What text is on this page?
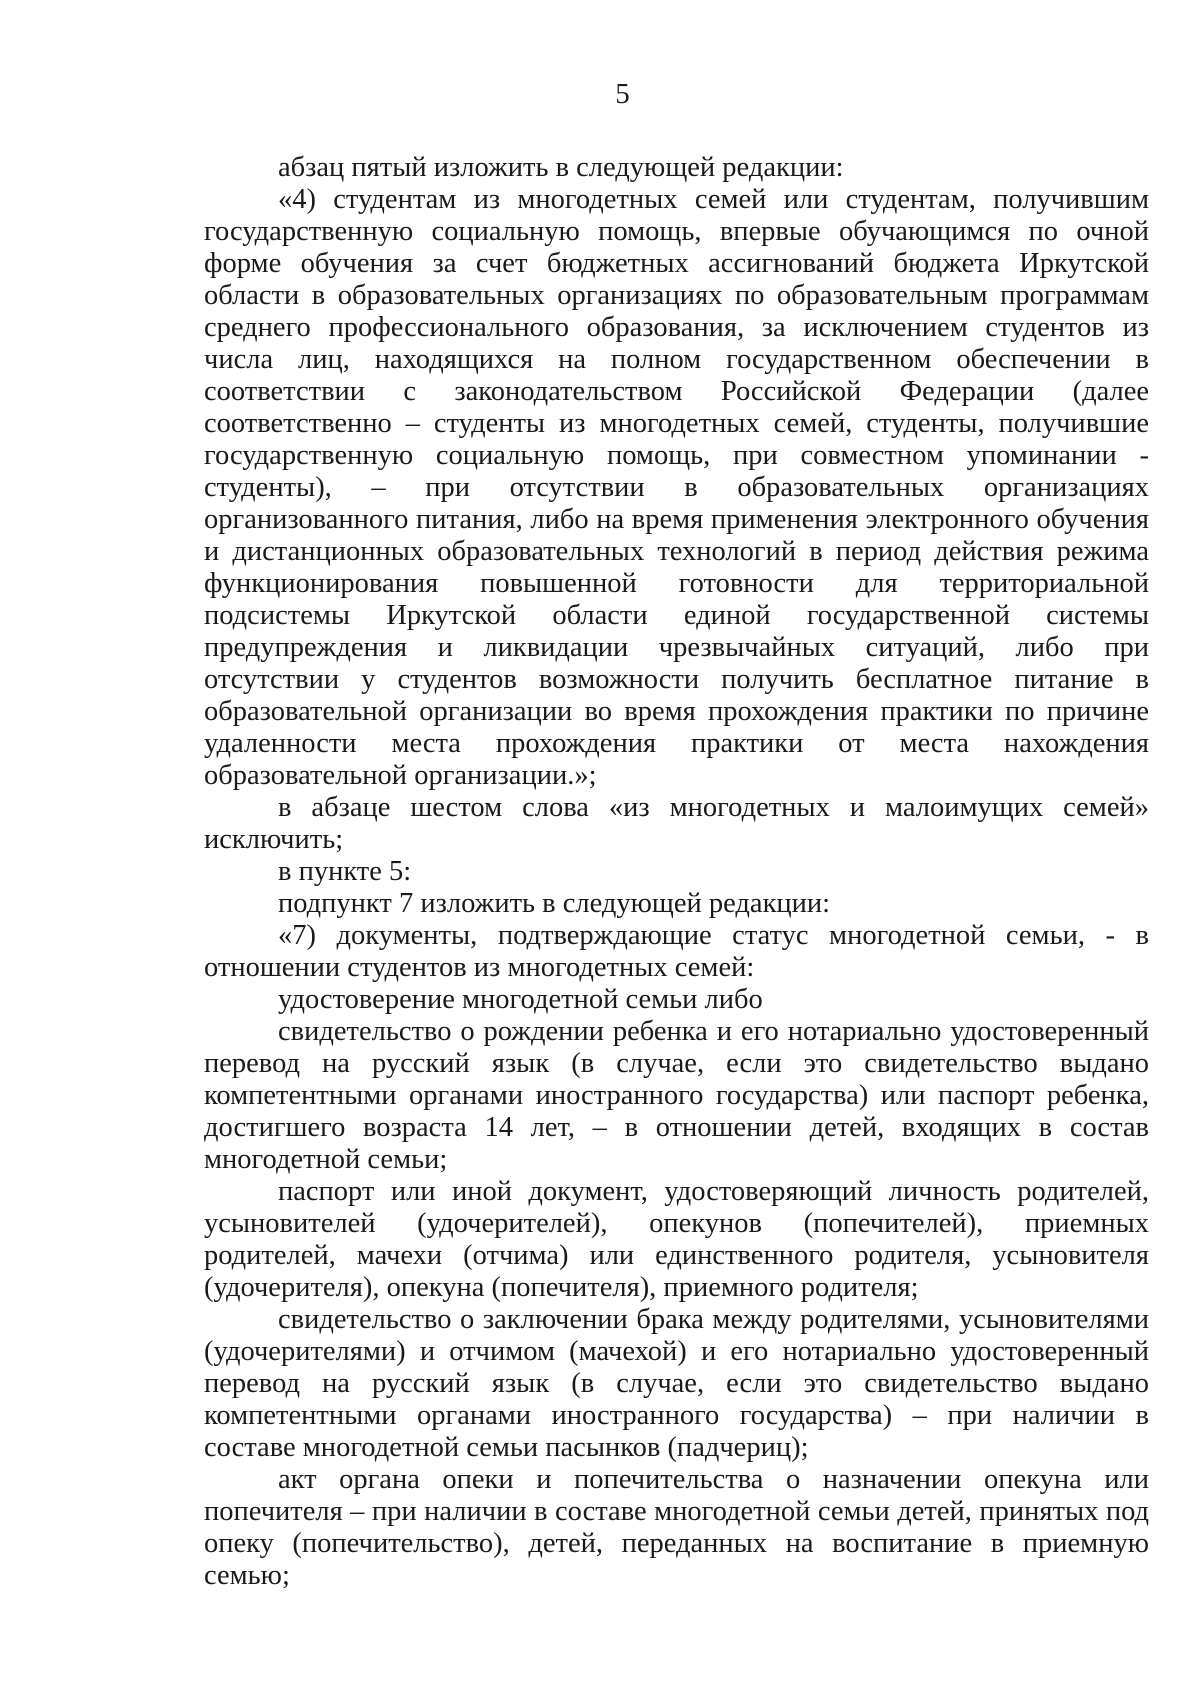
5

абзац пятый изложить в следующей редакции:

«4) студентам из многодетных семей или студентам, получившим государственную социальную помощь, впервые обучающимся по очной форме обучения за счет бюджетных ассигнований бюджета Иркутской области в образовательных организациях по образовательным программам среднего профессионального образования, за исключением студентов из числа лиц, находящихся на полном государственном обеспечении в соответствии с законодательством Российской Федерации (далее соответственно – студенты из многодетных семей, студенты, получившие государственную социальную помощь, при совместном упоминании - студенты), – при отсутствии в образовательных организациях организованного питания, либо на время применения электронного обучения и дистанционных образовательных технологий в период действия режима функционирования повышенной готовности для территориальной подсистемы Иркутской области единой государственной системы предупреждения и ликвидации чрезвычайных ситуаций, либо при отсутствии у студентов возможности получить бесплатное питание в образовательной организации во время прохождения практики по причине удаленности места прохождения практики от места нахождения образовательной организации.»;

в абзаце шестом слова «из многодетных и малоимущих семей» исключить;

в пункте 5:

подпункт 7 изложить в следующей редакции:

«7) документы, подтверждающие статус многодетной семьи, - в отношении студентов из многодетных семей:

удостоверение многодетной семьи либо

свидетельство о рождении ребенка и его нотариально удостоверенный перевод на русский язык (в случае, если это свидетельство выдано компетентными органами иностранного государства) или паспорт ребенка, достигшего возраста 14 лет, – в отношении детей, входящих в состав многодетной семьи;

паспорт или иной документ, удостоверяющий личность родителей, усыновителей (удочерителей), опекунов (попечителей), приемных родителей, мачехи (отчима) или единственного родителя, усыновителя (удочерителя), опекуна (попечителя), приемного родителя;

свидетельство о заключении брака между родителями, усыновителями (удочерителями) и отчимом (мачехой) и его нотариально удостоверенный перевод на русский язык (в случае, если это свидетельство выдано компетентными органами иностранного государства) – при наличии в составе многодетной семьи пасынков (падчериц);

акт органа опеки и попечительства о назначении опекуна или попечителя – при наличии в составе многодетной семьи детей, принятых под опеку (попечительство), детей, переданных на воспитание в приемную семью;
